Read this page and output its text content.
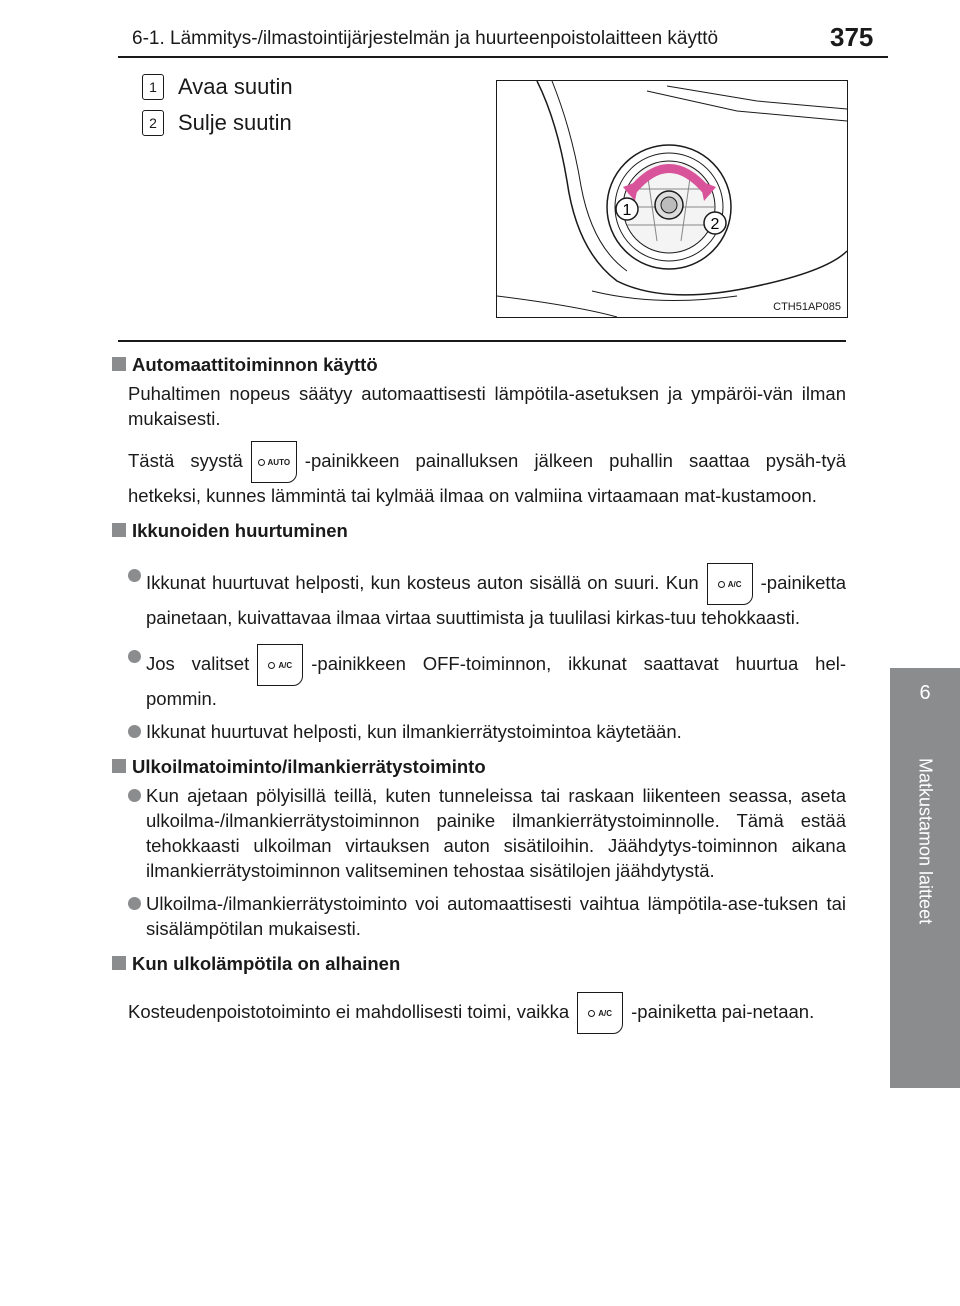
6-1. Lämmitys-/ilmastointijärjestelmän ja huurteenpoistolaitteen käyttö	375
6
Matkustamon laitteet
1 Avaa suutin
2 Sulje suutin
1
2
CTH51AP085
Automaattitoiminnon käyttö
Puhaltimen nopeus säätyy automaattisesti lämpötila-asetuksen ja ympäröi-vän ilman mukaisesti.
Tästä syystä	AUTO -painikkeen painalluksen jälkeen puhallin saattaa pysäh-tyä hetkeksi, kunnes lämmintä tai kylmää ilmaa on valmiina virtaamaan mat-kustamoon.
Ikkunoiden huurtuminen
Ikkunat huurtuvat helposti, kun kosteus auton sisällä on suuri. Kun	A/C -painiketta painetaan, kuivattavaa ilmaa virtaa suuttimista ja tuulilasi kirkas-tuu tehokkaasti.
Jos valitset	A/C -painikkeen OFF-toiminnon, ikkunat saattavat huurtua hel-pommin.
Ikkunat huurtuvat helposti, kun ilmankierrätystoimintoa käytetään.
Ulkoilmatoiminto/ilmankierrätystoiminto
Kun ajetaan pölyisillä teillä, kuten tunneleissa tai raskaan liikenteen seassa, aseta ulkoilma-/ilmankierrätystoiminnon painike ilmankierrätystoiminnolle. Tämä estää tehokkaasti ulkoilman virtauksen auton sisätiloihin. Jäähdytys-toiminnon aikana ilmankierrätystoiminnon valitseminen tehostaa sisätilojen jäähdytystä.
Ulkoilma-/ilmankierrätystoiminto voi automaattisesti vaihtua lämpötila-ase-tuksen tai sisälämpötilan mukaisesti.
Kun ulkolämpötila on alhainen
Kosteudenpoistotoiminto ei mahdollisesti toimi, vaikka	A/C -painiketta pai-netaan.
